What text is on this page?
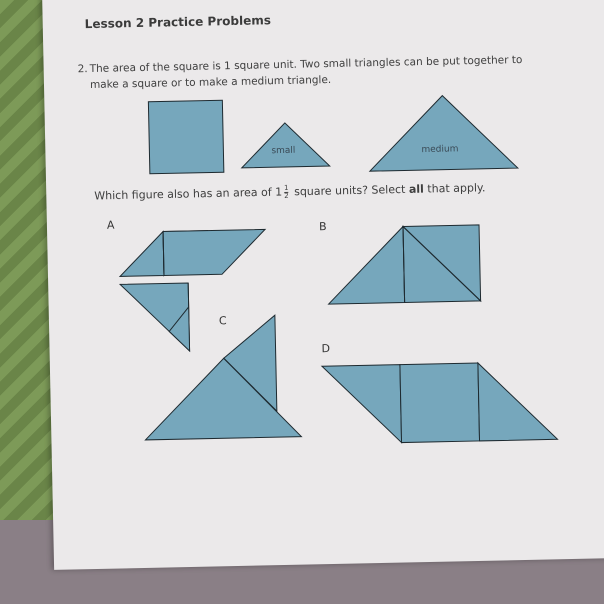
Lesson 2 Practice Problems
2. The area of the square is 1 square unit. Two small triangles can be put together to make a square or to make a medium triangle.
Which figure also has an area of $1 \frac{1}{2}$ square units? Select all that apply.
small	medium
A	B
C
D
